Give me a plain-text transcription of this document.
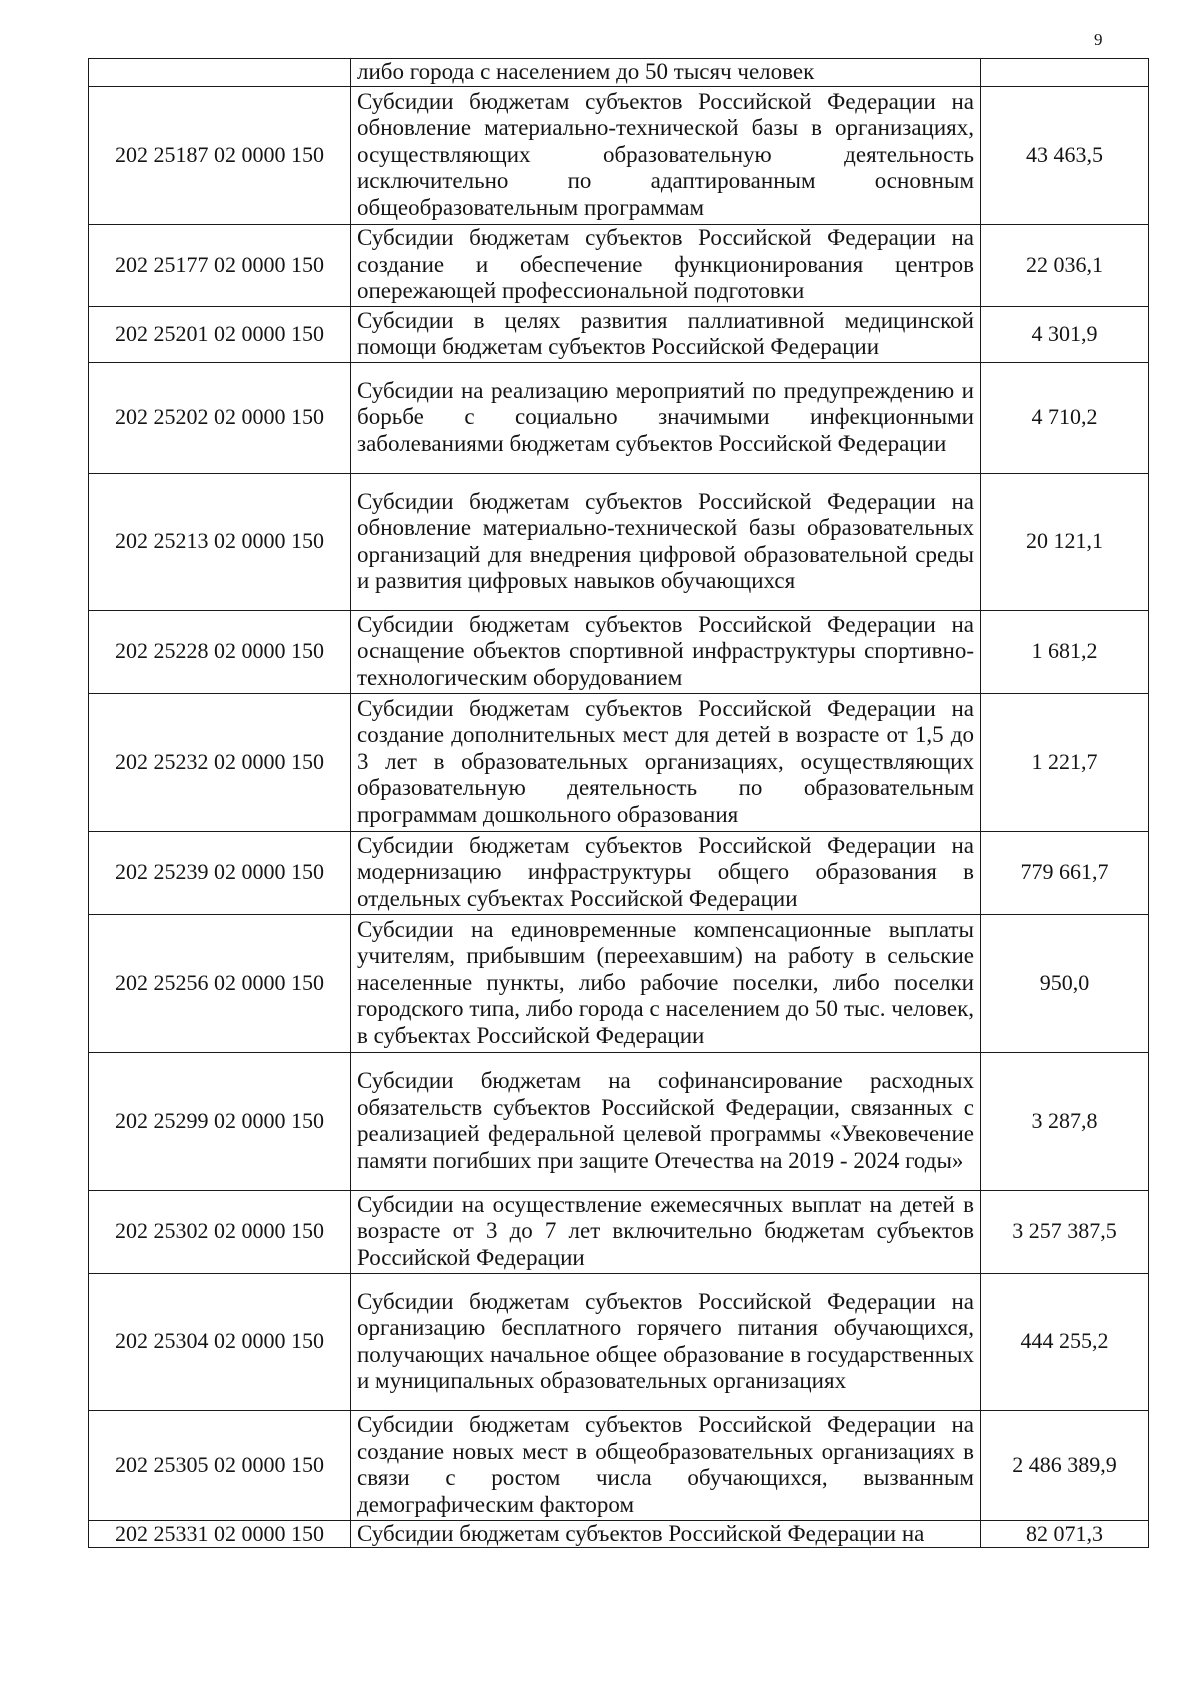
9
	либо города с населением до 50 тысяч человек	
202 25187 02 0000 150	Субсидии бюджетам субъектов Российской Федерации на обновление материально-технической базы в организациях, осуществляющих образовательную деятельность исключительно по адаптированным основным общеобразовательным программам	43 463,5
202 25177 02 0000 150	Субсидии бюджетам субъектов Российской Федерации на создание и обеспечение функционирования центров опережающей профессиональной подготовки	22 036,1
202 25201 02 0000 150	Субсидии в целях развития паллиативной медицинской помощи бюджетам субъектов Российской Федерации	4 301,9
202 25202 02 0000 150	Субсидии на реализацию мероприятий по предупреждению и борьбе с социально значимыми инфекционными заболеваниями бюджетам субъектов Российской Федерации	4 710,2
202 25213 02 0000 150	Субсидии бюджетам субъектов Российской Федерации на обновление материально-технической базы образовательных организаций для внедрения цифровой образовательной среды и развития цифровых навыков обучающихся	20 121,1
202 25228 02 0000 150	Субсидии бюджетам субъектов Российской Федерации на оснащение объектов спортивной инфраструктуры спортивно-технологическим оборудованием	1 681,2
202 25232 02 0000 150	Субсидии бюджетам субъектов Российской Федерации на создание дополнительных мест для детей в возрасте от 1,5 до 3 лет в образовательных организациях, осуществляющих образовательную деятельность по образовательным программам дошкольного образования	1 221,7
202 25239 02 0000 150	Субсидии бюджетам субъектов Российской Федерации на модернизацию инфраструктуры общего образования в отдельных субъектах Российской Федерации	779 661,7
202 25256 02 0000 150	Субсидии на единовременные компенсационные выплаты учителям, прибывшим (переехавшим) на работу в сельские населенные пункты, либо рабочие поселки, либо поселки городского типа, либо города с населением до 50 тыс. человек, в субъектах Российской Федерации	950,0
202 25299 02 0000 150	Субсидии бюджетам на софинансирование расходных обязательств субъектов Российской Федерации, связанных с реализацией федеральной целевой программы «Увековечение памяти погибших при защите Отечества на 2019 - 2024 годы»	3 287,8
202 25302 02 0000 150	Субсидии на осуществление ежемесячных выплат на детей в возрасте от 3 до 7 лет включительно бюджетам субъектов Российской Федерации	3 257 387,5
202 25304 02 0000 150	Субсидии бюджетам субъектов Российской Федерации на организацию бесплатного горячего питания обучающихся, получающих начальное общее образование в государственных и муниципальных образовательных организациях	444 255,2
202 25305 02 0000 150	Субсидии бюджетам субъектов Российской Федерации на создание новых мест в общеобразовательных организациях в связи с ростом числа обучающихся, вызванным демографическим фактором	2 486 389,9
202 25331 02 0000 150	Субсидии бюджетам субъектов Российской Федерации на	82 071,3
